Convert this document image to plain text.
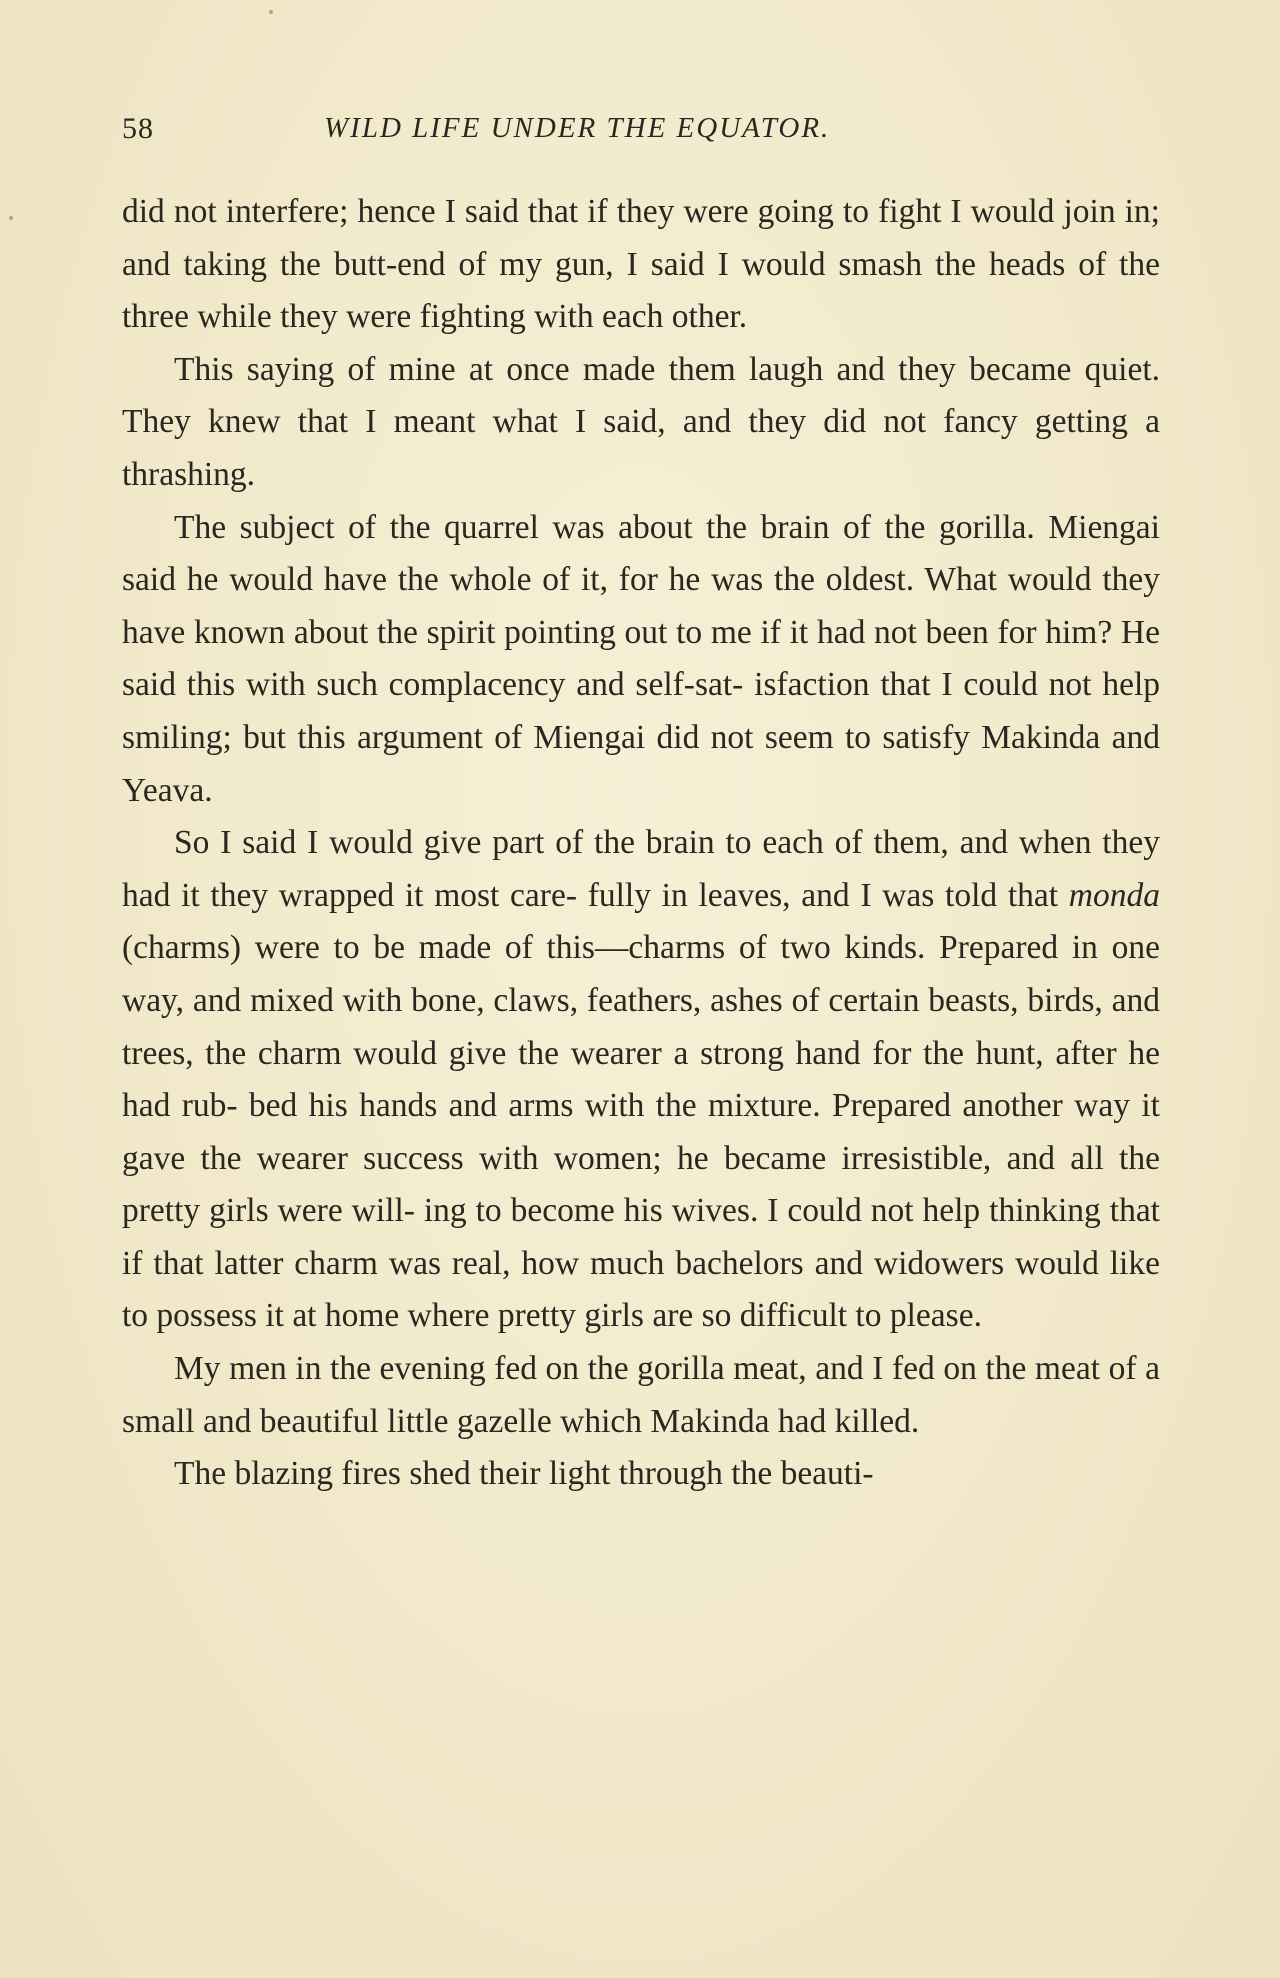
58	WILD LIFE UNDER THE EQUATOR.

did not interfere; hence I said that if they were going to fight I would join in; and taking the butt-end of my gun, I said I would smash the heads of the three while they were fighting with each other.

This saying of mine at once made them laugh and they became quiet. They knew that I meant what I said, and they did not fancy getting a thrashing.

The subject of the quarrel was about the brain of the gorilla. Miengai said he would have the whole of it, for he was the oldest. What would they have known about the spirit pointing out to me if it had not been for him? He said this with such complacency and self-sat- isfaction that I could not help smiling; but this argument of Miengai did not seem to satisfy Makinda and Yeava.

So I said I would give part of the brain to each of them, and when they had it they wrapped it most care- fully in leaves, and I was told that monda (charms) were to be made of this—charms of two kinds. Prepared in one way, and mixed with bone, claws, feathers, ashes of certain beasts, birds, and trees, the charm would give the wearer a strong hand for the hunt, after he had rub- bed his hands and arms with the mixture. Prepared another way it gave the wearer success with women; he became irresistible, and all the pretty girls were will- ing to become his wives. I could not help thinking that if that latter charm was real, how much bachelors and widowers would like to possess it at home where pretty girls are so difficult to please.

My men in the evening fed on the gorilla meat, and I fed on the meat of a small and beautiful little gazelle which Makinda had killed.

The blazing fires shed their light through the beauti-
